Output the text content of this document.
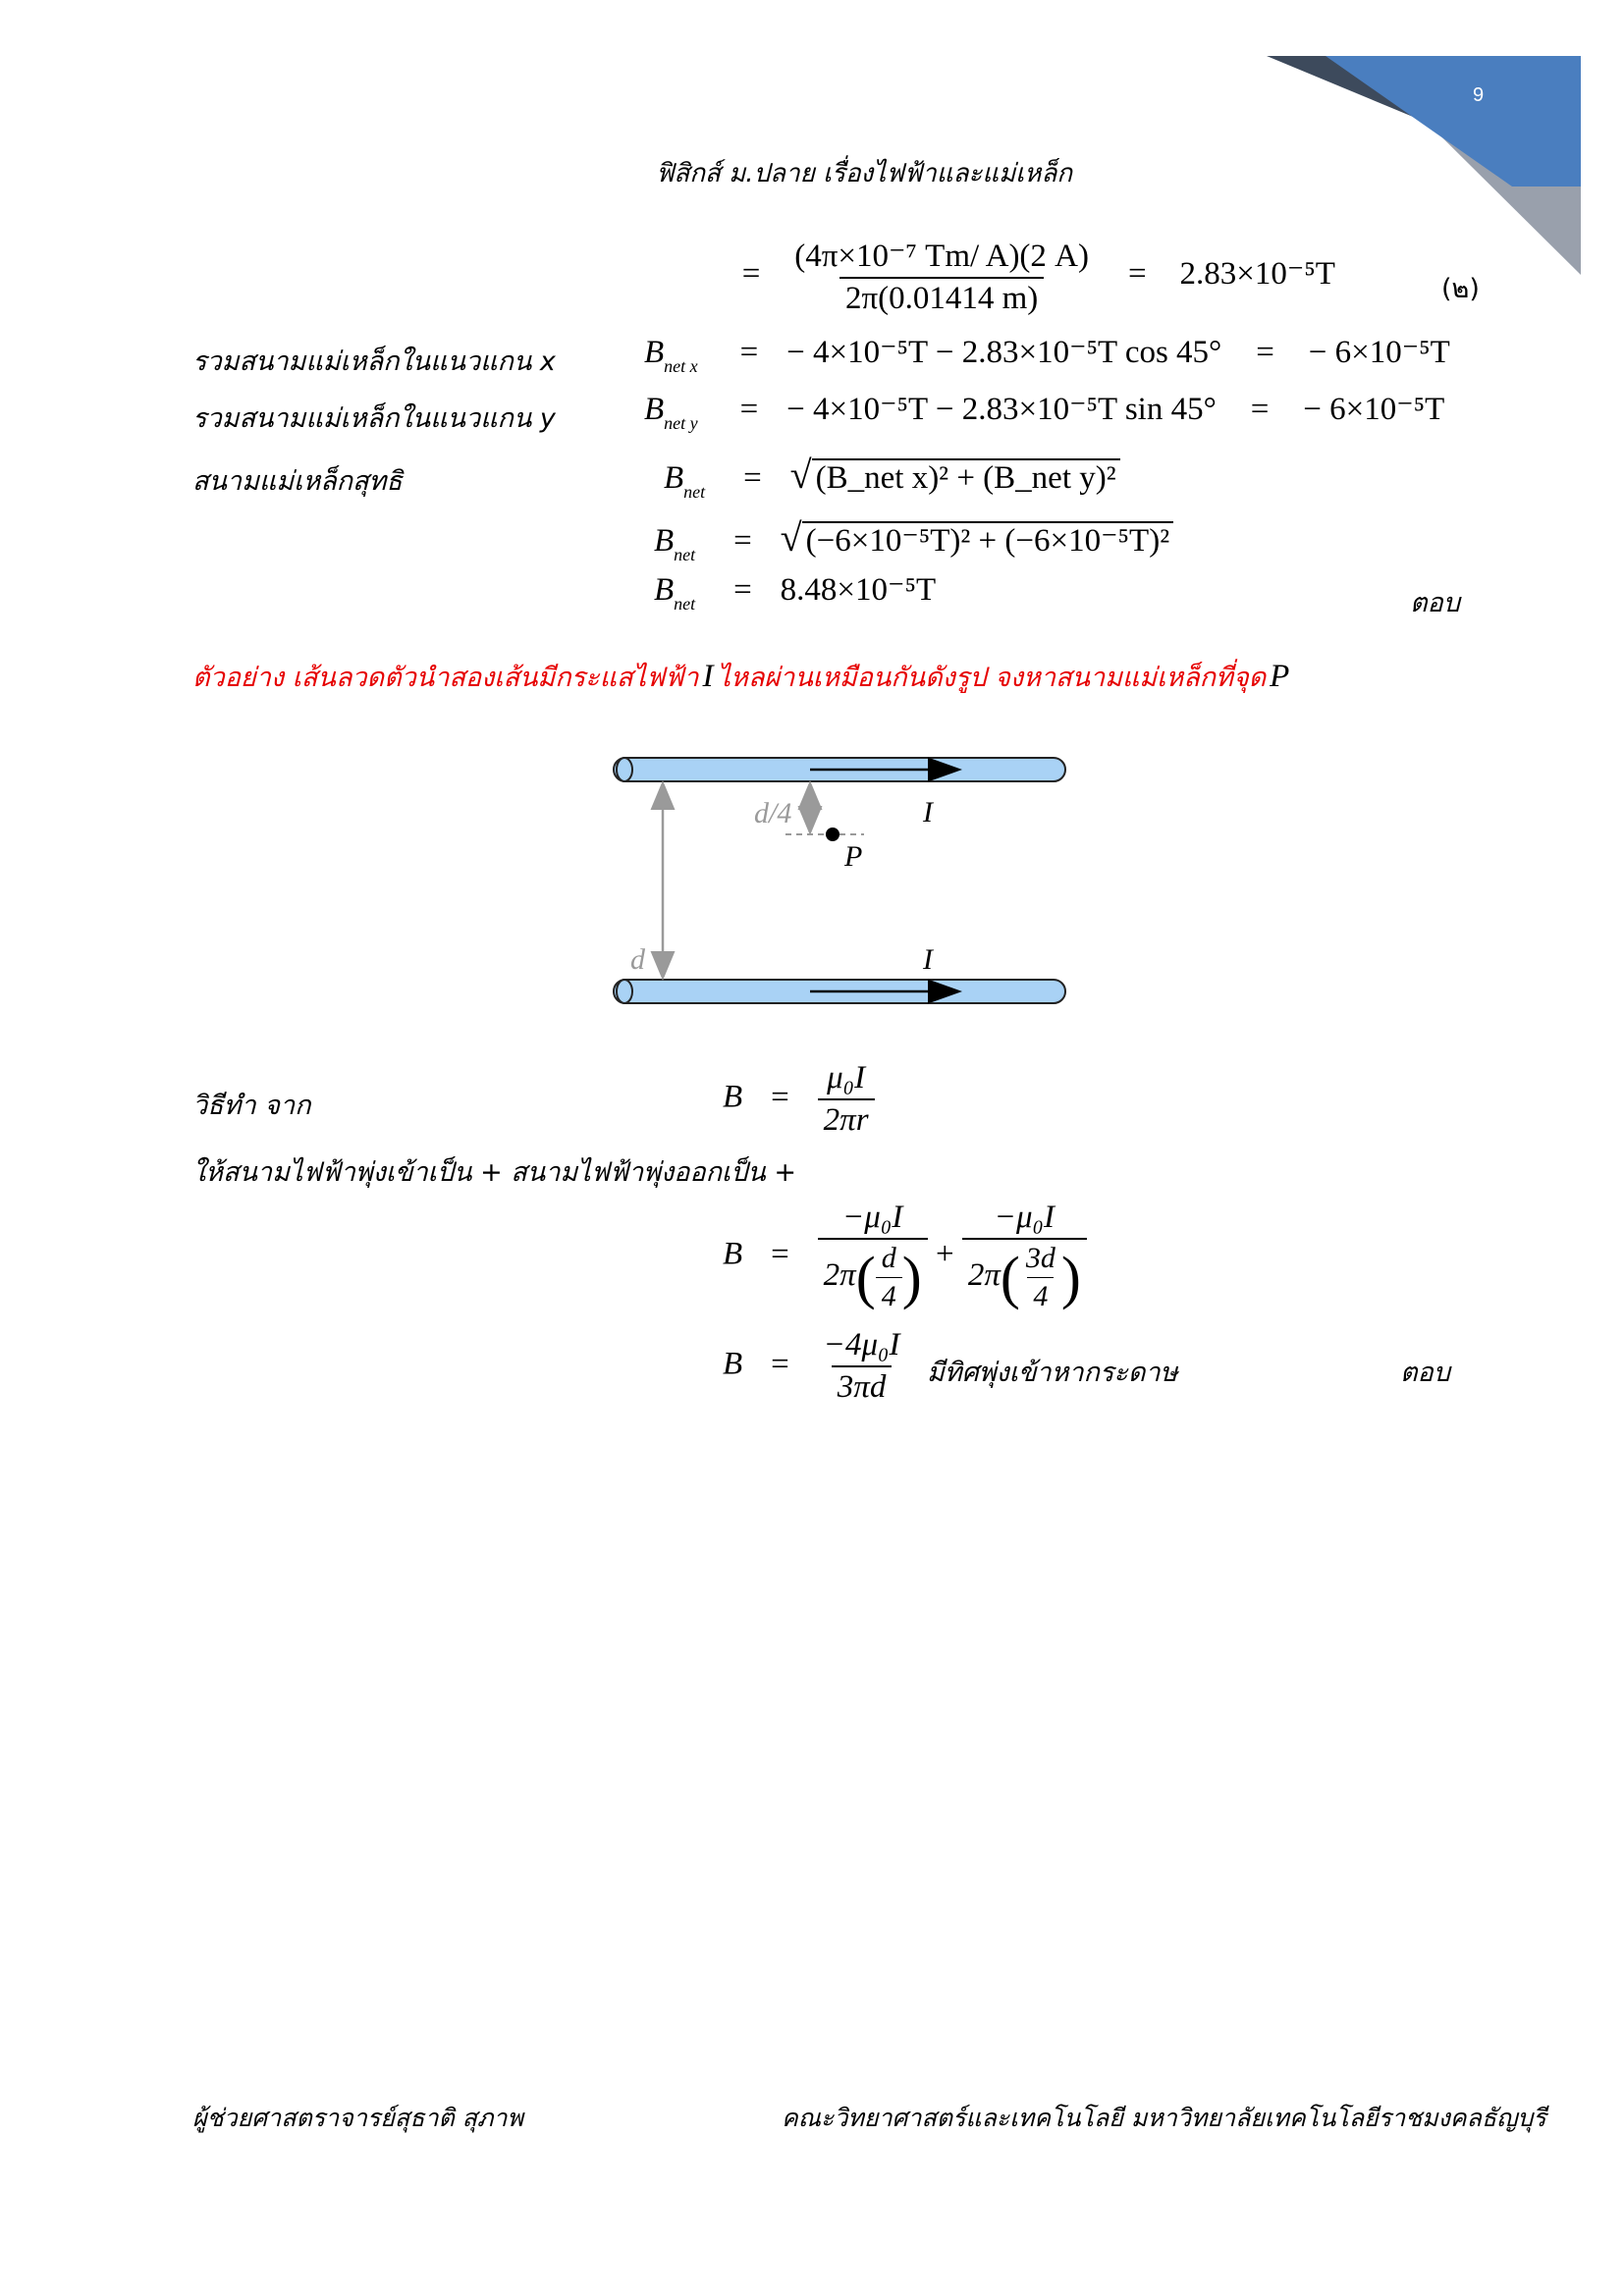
9
ฟิสิกส์ ม.ปลาย เรื่องไฟฟ้าและแม่เหล็ก
= $\frac{\text{(4π×10⁻⁷ Tm/ A)(2 A)}}{2\pi(0.01414 m)} = 2.83\times 10^{-5}T$	(๒)
รวมสนามแม่เหล็กในแนวแกน x	$B_{net x}$ = − 4×10⁻⁵T − 2.83×10⁻⁵T cos 45° = − 6×10⁻⁵T
รวมสนามแม่เหล็กในแนวแกน y	$B_{net y}$ = − 4×10⁻⁵T − 2.83×10⁻⁵T sin 45° = − 6×10⁻⁵T
สนามแม่เหล็กสุทธิ	$B_{net}$ = √ (B_net x)² + (B_net y)²
$B_{net}$ = √ (−6×10⁻⁵T)² + (−6×10⁻⁵T)²
$B_{net} = 8.48\times 10^{-5}T$	ตอบ
ตัวอย่าง เส้นลวดตัวนำสองเส้นมีกระแสไฟฟ้า I ไหลผ่านเหมือนกันดังรูป จงหาสนามแม่เหล็กที่จุด P
d/4	I
P
d	I
วิธีทำ จาก	$B = \frac{\text{μ₀I}}{2\pi r}$
ให้สนามไฟฟ้าพุ่งเข้าเป็น + สนามไฟฟ้าพุ่งออกเป็น +
$B = \frac{\text{−μ₀I}}{2\pi( \frac{d}{4} )} + \frac{\text{−μ₀I}}{2\pi( \frac{3d}{4} )}$
$B = \frac{\text{−4μ₀I}}{3\pi d}$ มีทิศพุ่งเข้าหากระดาษ	ตอบ
ผู้ช่วยศาสตราจารย์สุธาติ สุภาพ	คณะวิทยาศาสตร์และเทคโนโลยี มหาวิทยาลัยเทคโนโลยีราชมงคลธัญบุรี
